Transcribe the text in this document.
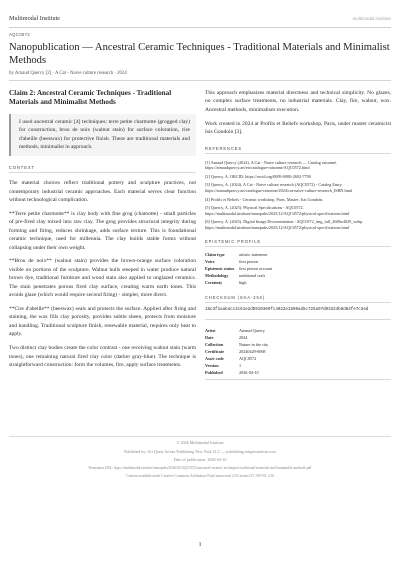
Multimodal Institute	multimodal.institute
AQC0572
Nanopublication — Ancestral Ceramic Techniques - Traditional Materials and Minimalist Methods
by Arnaud Quercy [2] · A Cat - Naive culture research · 2024
Claim 2: Ancestral Ceramic Techniques - Traditional Materials and Minimalist Methods
I used ancestral ceramic [4] techniques: terre petite charmotte (grogged clay) for construction, brou de noix (walnut stain) for surface coloration, cire d'abeille (beeswax) for protective finish. These are traditional materials and methods, minimalist in approach.
CONTEXT

The material choices reflect traditional pottery and sculpture practices, not contemporary industrial ceramic approaches. Each material serves clear function without technological complication.

**Terre petite charmotte** is clay body with fine grog (chamotte) - small particles of pre-fired clay mixed into raw clay. The grog provides structural integrity during forming and firing, reduces shrinkage, adds surface texture. This is foundational ceramic technique, used for millennia. The clay builds stable forms without collapsing under their own weight.

**Brou de noix** (walnut stain) provides the brown-orange surface coloration visible on portions of the sculpture. Walnut hulls steeped in water produce natural brown dye, traditional furniture and wood stain also applied to unglazed ceramics. The stain penetrates porous fired clay surface, creating warm earth tones. This avoids glaze (which would require second firing) - simpler, more direct.

**Cire d'abeille** (beeswax) seals and protects the surface. Applied after firing and staining, the wax fills clay porosity, provides subtle sheen, protects from moisture and handling. Traditional sculpture finish, renewable material, requires only heat to apply.

Two distinct clay bodies create the color contrast - one receiving walnut stain (warm tones), one remaining natural fired clay color (darker gray-blue). The technique is straightforward construction: form the volumes, fire, apply surface treatments.

This approach emphasizes material directness and technical simplicity. No glazes, no complex surface treatments, no industrial materials. Clay, fire, walnut, wax. Ancestral methods, minimalism execution.

Work created in 2024 at Profils et Reliefs workshop, Paris, under master ceramicist Isis Gondoin [3].

REFERENCES
[1] Arnaud Quercy (2024). A Cat - Naive culture research — Catalog raisonné. https://arnaudquercy.art/en/catalogue-raisonne/AQC0572.html
[2] Quercy, A. ORCID: https://orcid.org/0009-0000-2602-7790
[3] Quercy, A. (2024). A Cat - Naive culture research (AQC0572) - Catalog Entry. https://arnaudquercy.art/catalogue-raisonne/2024/cat-naive-culture-research_ISBN.html
[4] Profils et Reliefs - Ceramic workshop, Paris. Master: Isis Gondoin.
[5] Quercy, A. (2025). Physical Specifications - AQC0572. https://multimodal.institute/nanopubs/2025/12/AQC0572/physical-specifications.html
[6] Quercy, A. (2025). Digital Image Documentation - AQC0572_img_full_2686x4029_webp. https://multimodal.institute/nanopubs/2025/12/AQC0572/physical-specifications.html
EPISTEMIC PROFILE
Claim type	artistic statement
Voice	first person
Epistemic status	first person account
Methodology	traditional craft
Certainty	high
CHECKSUM (SHA-256)
18c3f1aab4cc3c61e2d5910369fc4022e1599ad5c725a97d03324b8d84fe7c3ed
Artist	Arnaud Quercy
Date	2024
Collection	Nature in the city
Certificate	20240429-0068
Asset code	AQC0572
Version	1
Published	2026-04-10
© 2026 Multimodal Institute
Published by: Art Quest Artista Publishing New York LLC — publishing.artquestartista.com
Date of publication: 2026-04-10
Permanent URL: https://multimodal.institute/nanopubs/2026/03/AQC0572/ancestral-ceramic-techniques-traditional-materials-and-minimalist-methods.pdf
Content available under Creative Commons Attribution-NonCommercial 4.0 License (CC BY-NC 4.0)
1
